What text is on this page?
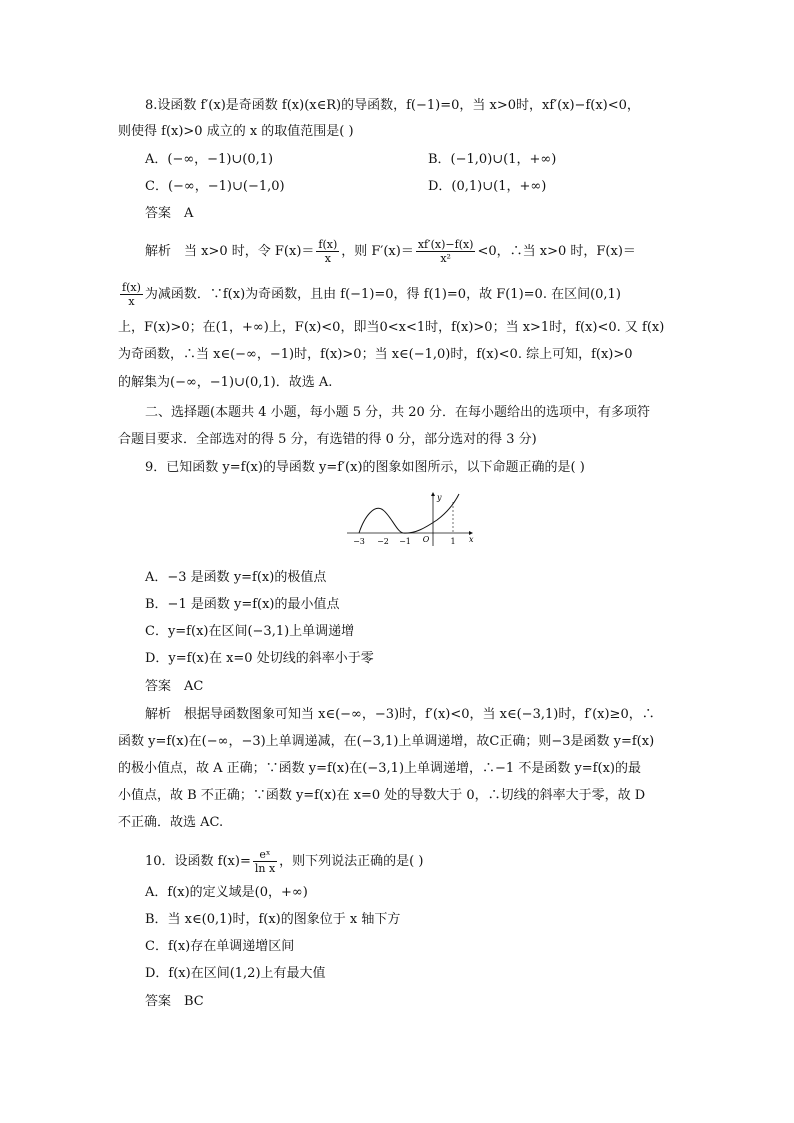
8.设函数 f′(x)是奇函数 f(x)(x∈R)的导函数，f(−1)=0，当 x>0时，xf′(x)−f(x)<0，
则使得 f(x)>0 成立的 x 的取值范围是( )
A．(−∞，−1)∪(0,1)	B．(−1,0)∪(1，+∞)
C．(−∞，−1)∪(−1,0)	D．(0,1)∪(1，+∞)
答案　A
解析　当 x>0 时，令 $F(x)= \frac{f(x)}{x}$ ，则 $F'(x)= \frac{xf'(x)-f(x)}{\text{x²}} <0$，∴当 x>0 时，F(x)＝
$\frac{f(x)}{x}$ 为减函数．∵f(x)为奇函数，且由 f(−1)=0，得 f(1)=0，故 F(1)=0. 在区间(0,1)
上，F(x)>0；在(1，+∞)上，F(x)<0，即当0<x<1时，f(x)>0；当 x>1时，f(x)<0. 又 f(x)
为奇函数，∴当 x∈(−∞，−1)时，f(x)>0；当 x∈(−1,0)时，f(x)<0. 综上可知，f(x)>0
的解集为(−∞，−1)∪(0,1)．故选 A.
二、选择题(本题共 4 小题，每小题 5 分，共 20 分．在每小题给出的选项中，有多项符
合题目要求．全部选对的得 5 分，有选错的得 0 分，部分选对的得 3 分)
9．已知函数 y=f(x)的导函数 y=f′(x)的图象如图所示，以下命题正确的是( )
−3 −2 −1 O	1 x
y
A．−3 是函数 y=f(x)的极值点
B．−1 是函数 y=f(x)的最小值点
C．y=f(x)在区间(−3,1)上单调递增
D．y=f(x)在 x=0 处切线的斜率小于零
答案　AC
解析　根据导函数图象可知当 x∈(−∞，−3)时，f′(x)<0，当 x∈(−3,1)时，f′(x)≥0，∴
函数 y=f(x)在(−∞，−3)上单调递减，在(−3,1)上单调递增，故C正确；则−3是函数 y=f(x)
的极小值点，故 A 正确；∵函数 y=f(x)在(−3,1)上单调递增，∴−1 不是函数 y=f(x)的最
小值点，故 B 不正确；∵函数 y=f(x)在 x=0 处的导数大于 0，∴切线的斜率大于零，故 D
不正确．故选 AC.
10．设函数 $f(x)= \frac{\text{eˣ}}{\text{ln x}}$ ，则下列说法正确的是( )
A．f(x)的定义域是(0，+∞)
B．当 x∈(0,1)时，f(x)的图象位于 x 轴下方
C．f(x)存在单调递增区间
D．f(x)在区间(1,2)上有最大值
答案　BC
